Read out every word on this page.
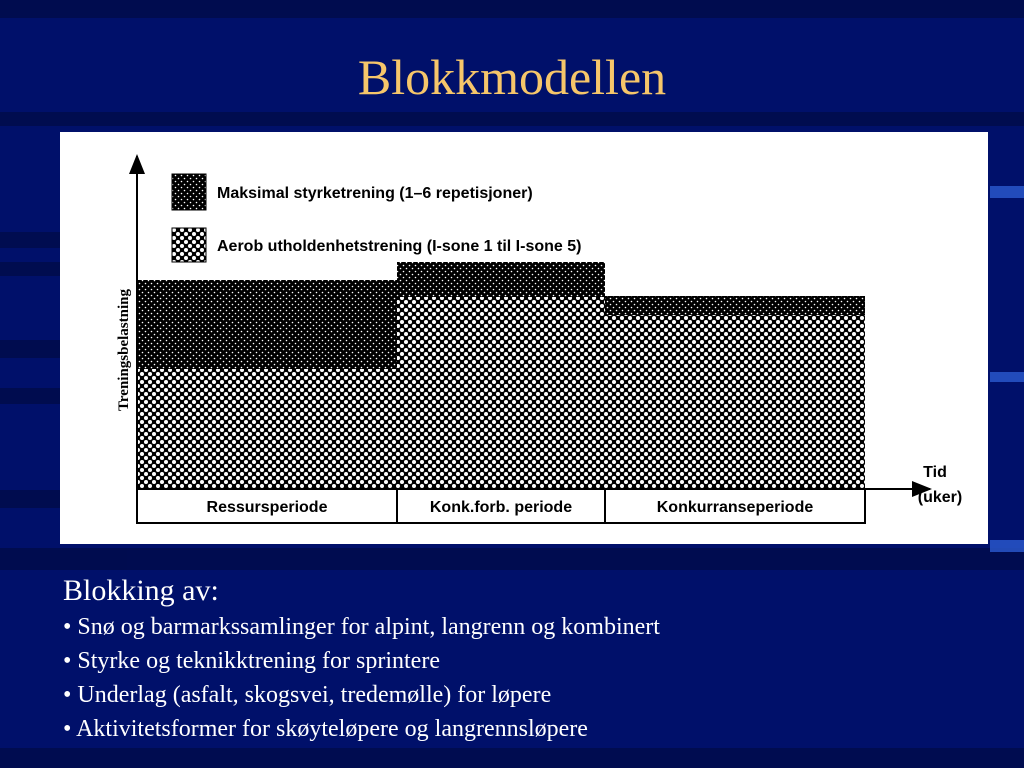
Blokkmodellen
Treningsbelastning
Tid
(uker)
Maksimal styrketrening (1–6 repetisjoner)
Aerob utholdenhetstrening (I-sone 1 til I-sone 5)
Ressursperiode	Konk.forb. periode	Konkurranseperiode
Blokking av:
• Snø og barmarkssamlinger for alpint, langrenn og kombinert
• Styrke og teknikktrening for sprintere
• Underlag (asfalt, skogsvei, tredemølle) for løpere
• Aktivitetsformer for skøyteløpere og langrennsløpere
